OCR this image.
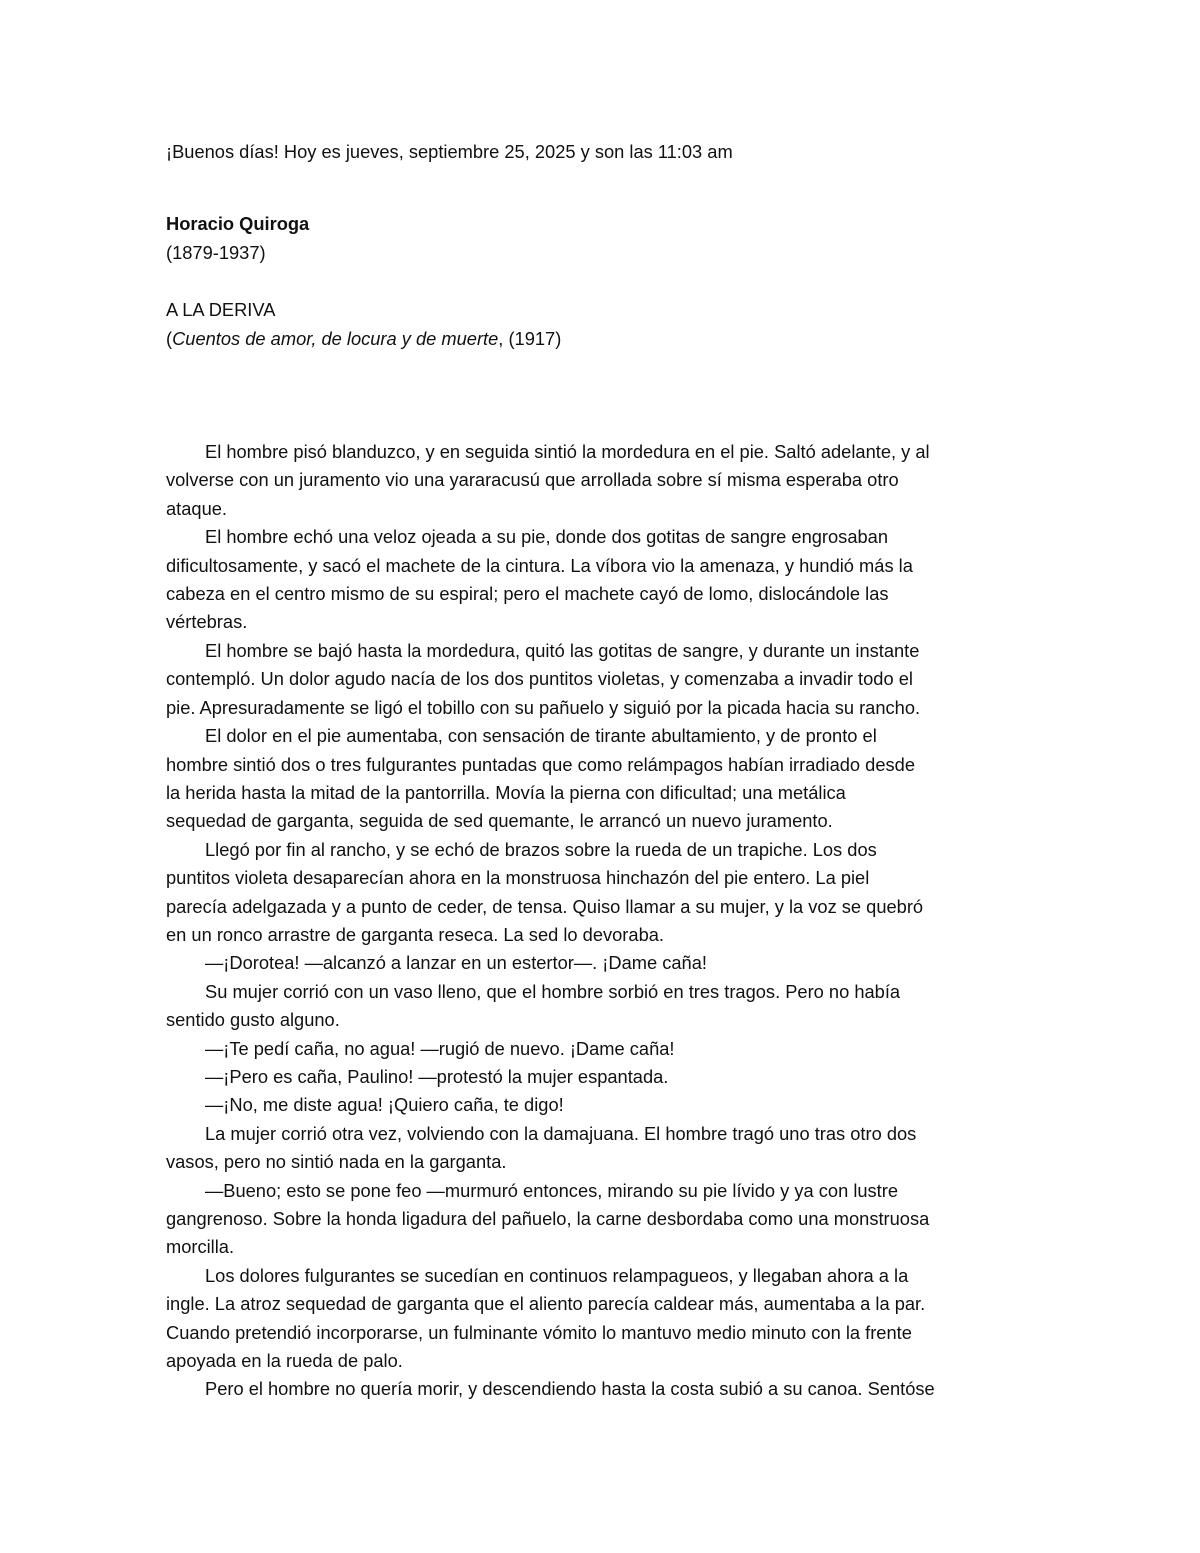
¡Buenos días! Hoy es jueves, septiembre 25, 2025 y son las 11:03 am

Horacio Quiroga

(1879-1937)

A LA DERIVA

(Cuentos de amor, de locura y de muerte, (1917)

El hombre pisó blanduzco, y en seguida sintió la mordedura en el pie. Saltó adelante, y al
volverse con un juramento vio una yararacusú que arrollada sobre sí misma esperaba otro
ataque.

El hombre echó una veloz ojeada a su pie, donde dos gotitas de sangre engrosaban
dificultosamente, y sacó el machete de la cintura. La víbora vio la amenaza, y hundió más la
cabeza en el centro mismo de su espiral; pero el machete cayó de lomo, dislocándole las
vértebras.

El hombre se bajó hasta la mordedura, quitó las gotitas de sangre, y durante un instante
contempló. Un dolor agudo nacía de los dos puntitos violetas, y comenzaba a invadir todo el
pie. Apresuradamente se ligó el tobillo con su pañuelo y siguió por la picada hacia su rancho.

El dolor en el pie aumentaba, con sensación de tirante abultamiento, y de pronto el
hombre sintió dos o tres fulgurantes puntadas que como relámpagos habían irradiado desde
la herida hasta la mitad de la pantorrilla. Movía la pierna con dificultad; una metálica
sequedad de garganta, seguida de sed quemante, le arrancó un nuevo juramento.

Llegó por fin al rancho, y se echó de brazos sobre la rueda de un trapiche. Los dos
puntitos violeta desaparecían ahora en la monstruosa hinchazón del pie entero. La piel
parecía adelgazada y a punto de ceder, de tensa. Quiso llamar a su mujer, y la voz se quebró
en un ronco arrastre de garganta reseca. La sed lo devoraba.

—¡Dorotea! —alcanzó a lanzar en un estertor—. ¡Dame caña!

Su mujer corrió con un vaso lleno, que el hombre sorbió en tres tragos. Pero no había
sentido gusto alguno.

—¡Te pedí caña, no agua! —rugió de nuevo. ¡Dame caña!

—¡Pero es caña, Paulino! —protestó la mujer espantada.

—¡No, me diste agua! ¡Quiero caña, te digo!

La mujer corrió otra vez, volviendo con la damajuana. El hombre tragó uno tras otro dos
vasos, pero no sintió nada en la garganta.

—Bueno; esto se pone feo —murmuró entonces, mirando su pie lívido y ya con lustre
gangrenoso. Sobre la honda ligadura del pañuelo, la carne desbordaba como una monstruosa
morcilla.

Los dolores fulgurantes se sucedían en continuos relampagueos, y llegaban ahora a la
ingle. La atroz sequedad de garganta que el aliento parecía caldear más, aumentaba a la par.
Cuando pretendió incorporarse, un fulminante vómito lo mantuvo medio minuto con la frente
apoyada en la rueda de palo.

Pero el hombre no quería morir, y descendiendo hasta la costa subió a su canoa. Sentóse
